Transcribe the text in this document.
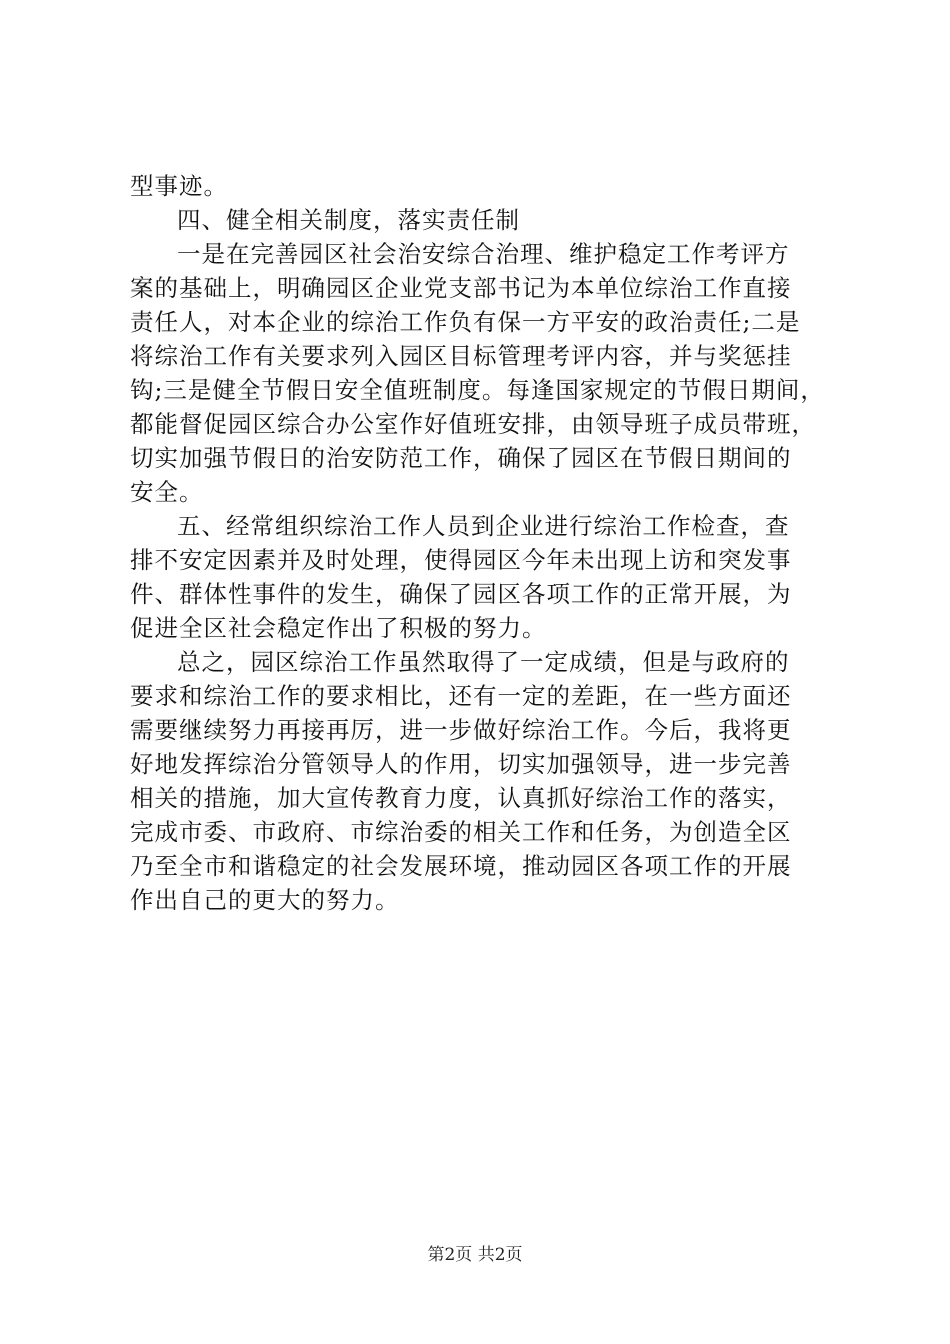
型事迹。
四、健全相关制度，落实责任制
一是在完善园区社会治安综合治理、维护稳定工作考评方
案的基础上，明确园区企业党支部书记为本单位综治工作直接
责任人，对本企业的综治工作负有保一方平安的政治责任;二是
将综治工作有关要求列入园区目标管理考评内容，并与奖惩挂
钩;三是健全节假日安全值班制度。每逢国家规定的节假日期间，
都能督促园区综合办公室作好值班安排，由领导班子成员带班，
切实加强节假日的治安防范工作，确保了园区在节假日期间的
安全。
五、经常组织综治工作人员到企业进行综治工作检查，查
排不安定因素并及时处理，使得园区今年未出现上访和突发事
件、群体性事件的发生，确保了园区各项工作的正常开展，为
促进全区社会稳定作出了积极的努力。
总之，园区综治工作虽然取得了一定成绩，但是与政府的
要求和综治工作的要求相比，还有一定的差距，在一些方面还
需要继续努力再接再厉，进一步做好综治工作。今后，我将更
好地发挥综治分管领导人的作用，切实加强领导，进一步完善
相关的措施，加大宣传教育力度，认真抓好综治工作的落实，
完成市委、市政府、市综治委的相关工作和任务，为创造全区
乃至全市和谐稳定的社会发展环境，推动园区各项工作的开展
作出自己的更大的努力。
第2页 共2页
